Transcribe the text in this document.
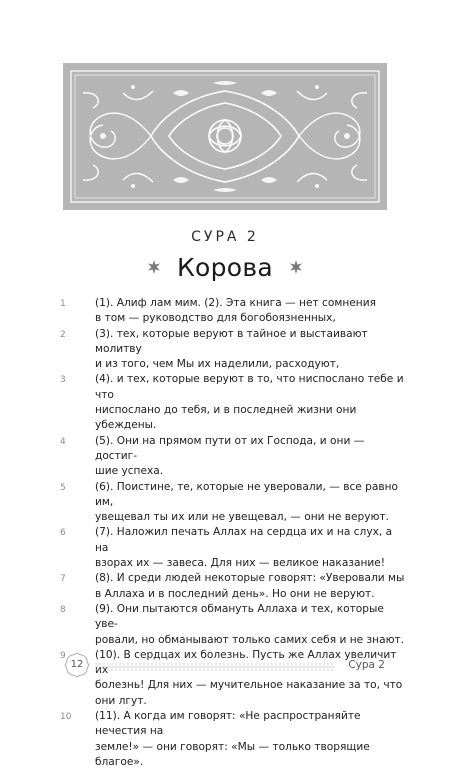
СУРА 2
Корова
1	(1). Алиф лам мим. (2). Эта книга — нет сомнения
в том — руководство для богобоязненных,
2	(3). тех, которые веруют в тайное и выстаивают молитву
и из того, чем Мы их наделили, расходуют,
3	(4). и тех, которые веруют в то, что ниспослано тебе и что
ниспослано до тебя, и в последней жизни они убеждены.
4	(5). Они на прямом пути от их Господа, и они — достиг-
шие успеха.
5	(6). Поистине, те, которые не уверовали, — все равно им,
увещевал ты их или не увещевал, — они не веруют.
6	(7). Наложил печать Аллах на сердца их и на слух, а на
взорах их — завеса. Для них — великое наказание!
7	(8). И среди людей некоторые говорят: «Уверовали мы
в Аллаха и в последний день». Но они не веруют.
8	(9). Они пытаются обмануть Аллаха и тех, которые уве-
ровали, но обманывают только самих себя и не знают.
9	(10). В сердцах их болезнь. Пусть же Аллах увеличит их
болезнь! Для них — мучительное наказание за то, что
они лгут.
10	(11). А когда им говорят: «Не распространяйте нечестия на
земле!» — они говорят: «Мы — только творящие благое».
12	Сура 2
